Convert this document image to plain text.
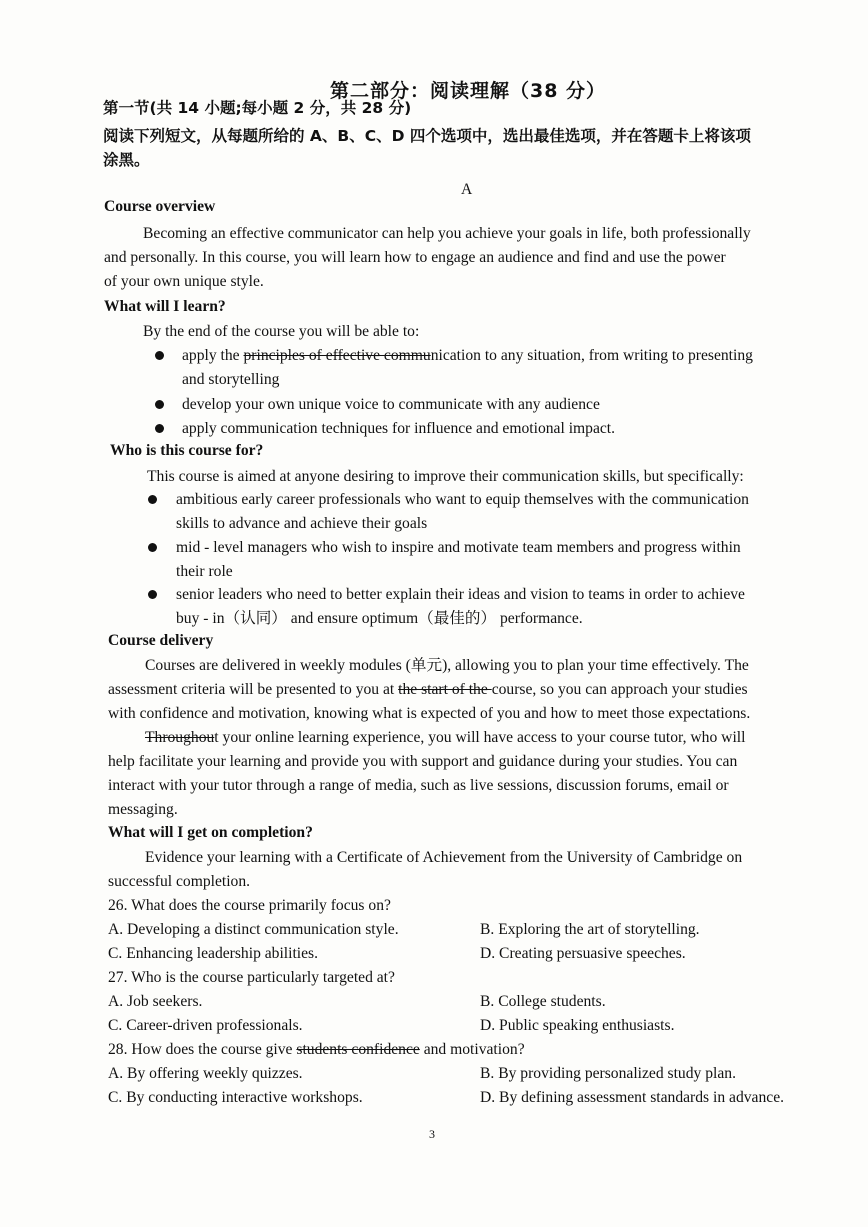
第二部分：阅读理解（38 分）
第一节(共 14 小题;每小题 2 分，共 28 分)
阅读下列短文，从每题所给的 A、B、C、D 四个选项中，选出最佳选项，并在答题卡上将该项
涂黑。
A
Course overview
Becoming an effective communicator can help you achieve your goals in life, both professionally
and personally. In this course, you will learn how to engage an audience and find and use the power
of your own unique style.
What will I learn?
By the end of the course you will be able to:
apply the principles of effective communication to any situation, from writing to presenting
and storytelling
develop your own unique voice to communicate with any audience
apply communication techniques for influence and emotional impact.
Who is this course for?
This course is aimed at anyone desiring to improve their communication skills, but specifically:
ambitious early career professionals who want to equip themselves with the communication
skills to advance and achieve their goals
mid - level managers who wish to inspire and motivate team members and progress within
their role
senior leaders who need to better explain their ideas and vision to teams in order to achieve
buy - in（认同） and ensure optimum（最佳的） performance.
Course delivery
Courses are delivered in weekly modules (单元), allowing you to plan your time effectively. The
assessment criteria will be presented to you at the start of the course, so you can approach your studies
with confidence and motivation, knowing what is expected of you and how to meet those expectations.
Throughout your online learning experience, you will have access to your course tutor, who will
help facilitate your learning and provide you with support and guidance during your studies. You can
interact with your tutor through a range of media, such as live sessions, discussion forums, email or
messaging.
What will I get on completion?
Evidence your learning with a Certificate of Achievement from the University of Cambridge on
successful completion.
26. What does the course primarily focus on?
A. Developing a distinct communication style.	B. Exploring the art of storytelling.
C. Enhancing leadership abilities.	D. Creating persuasive speeches.
27. Who is the course particularly targeted at?
A. Job seekers.	B. College students.
C. Career-driven professionals.	D. Public speaking enthusiasts.
28. How does the course give students confidence and motivation?
A. By offering weekly quizzes.	B. By providing personalized study plan.
C. By conducting interactive workshops.	D. By defining assessment standards in advance.
3
